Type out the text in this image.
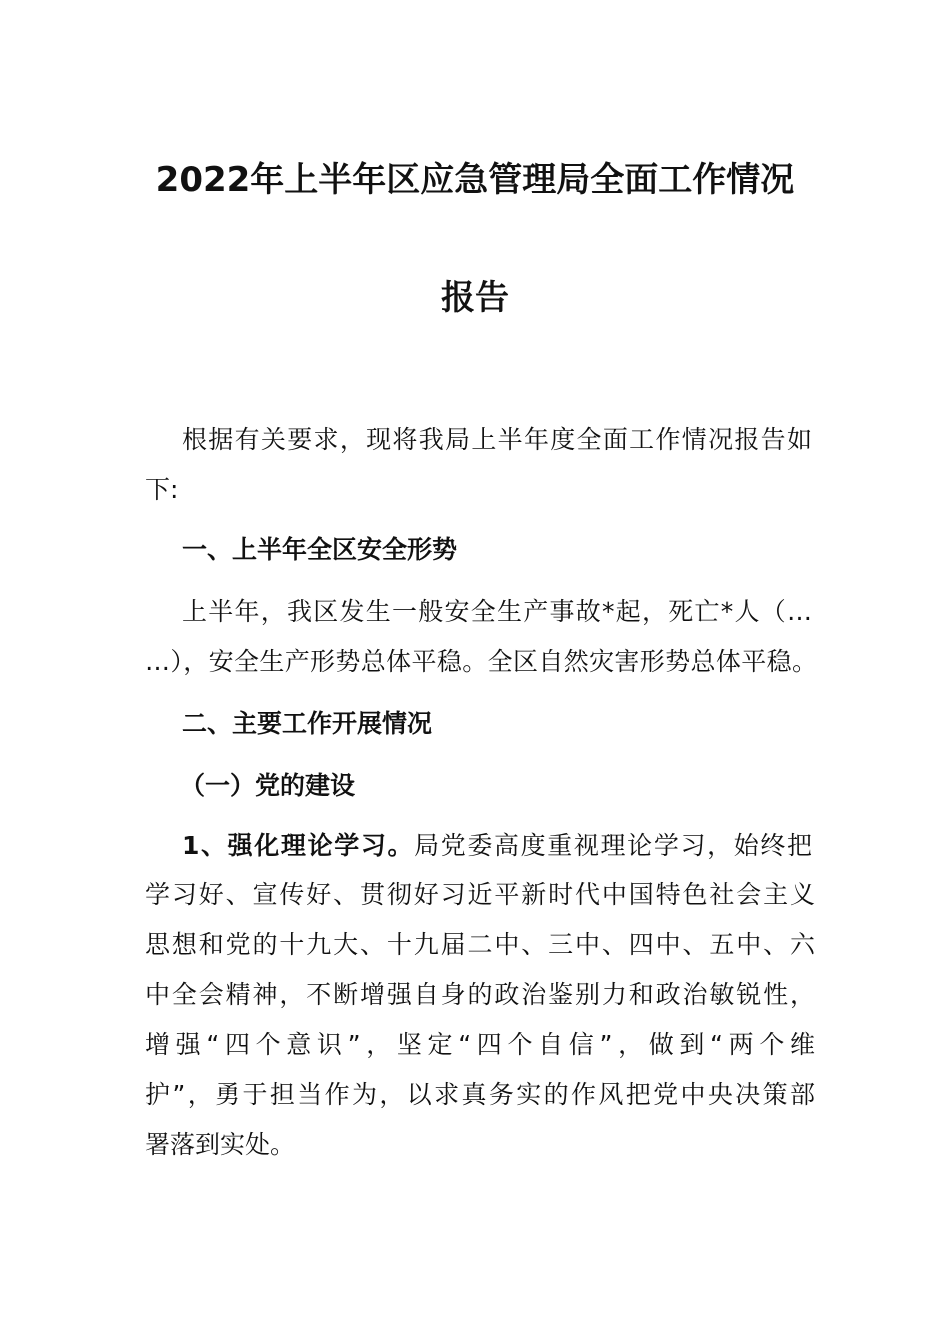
2022年上半年区应急管理局全面工作情况
报告

根据有关要求，现将我局上半年度全面工作情况报告如

下:

一、上半年全区安全形势

上半年，我区发生一般安全生产事故*起，死亡*人（…

…），安全生产形势总体平稳。全区自然灾害形势总体平稳。

二、主要工作开展情况

（一）党的建设

1、强化理论学习。局党委高度重视理论学习，始终把

学习好、宣传好、贯彻好习近平新时代中国特色社会主义

思想和党的十九大、十九届二中、三中、四中、五中、六

中全会精神，不断增强自身的政治鉴别力和政治敏锐性，

增强“四个意识”，坚定“四个自信”，做到“两个维

护”，勇于担当作为，以求真务实的作风把党中央决策部

署落到实处。
